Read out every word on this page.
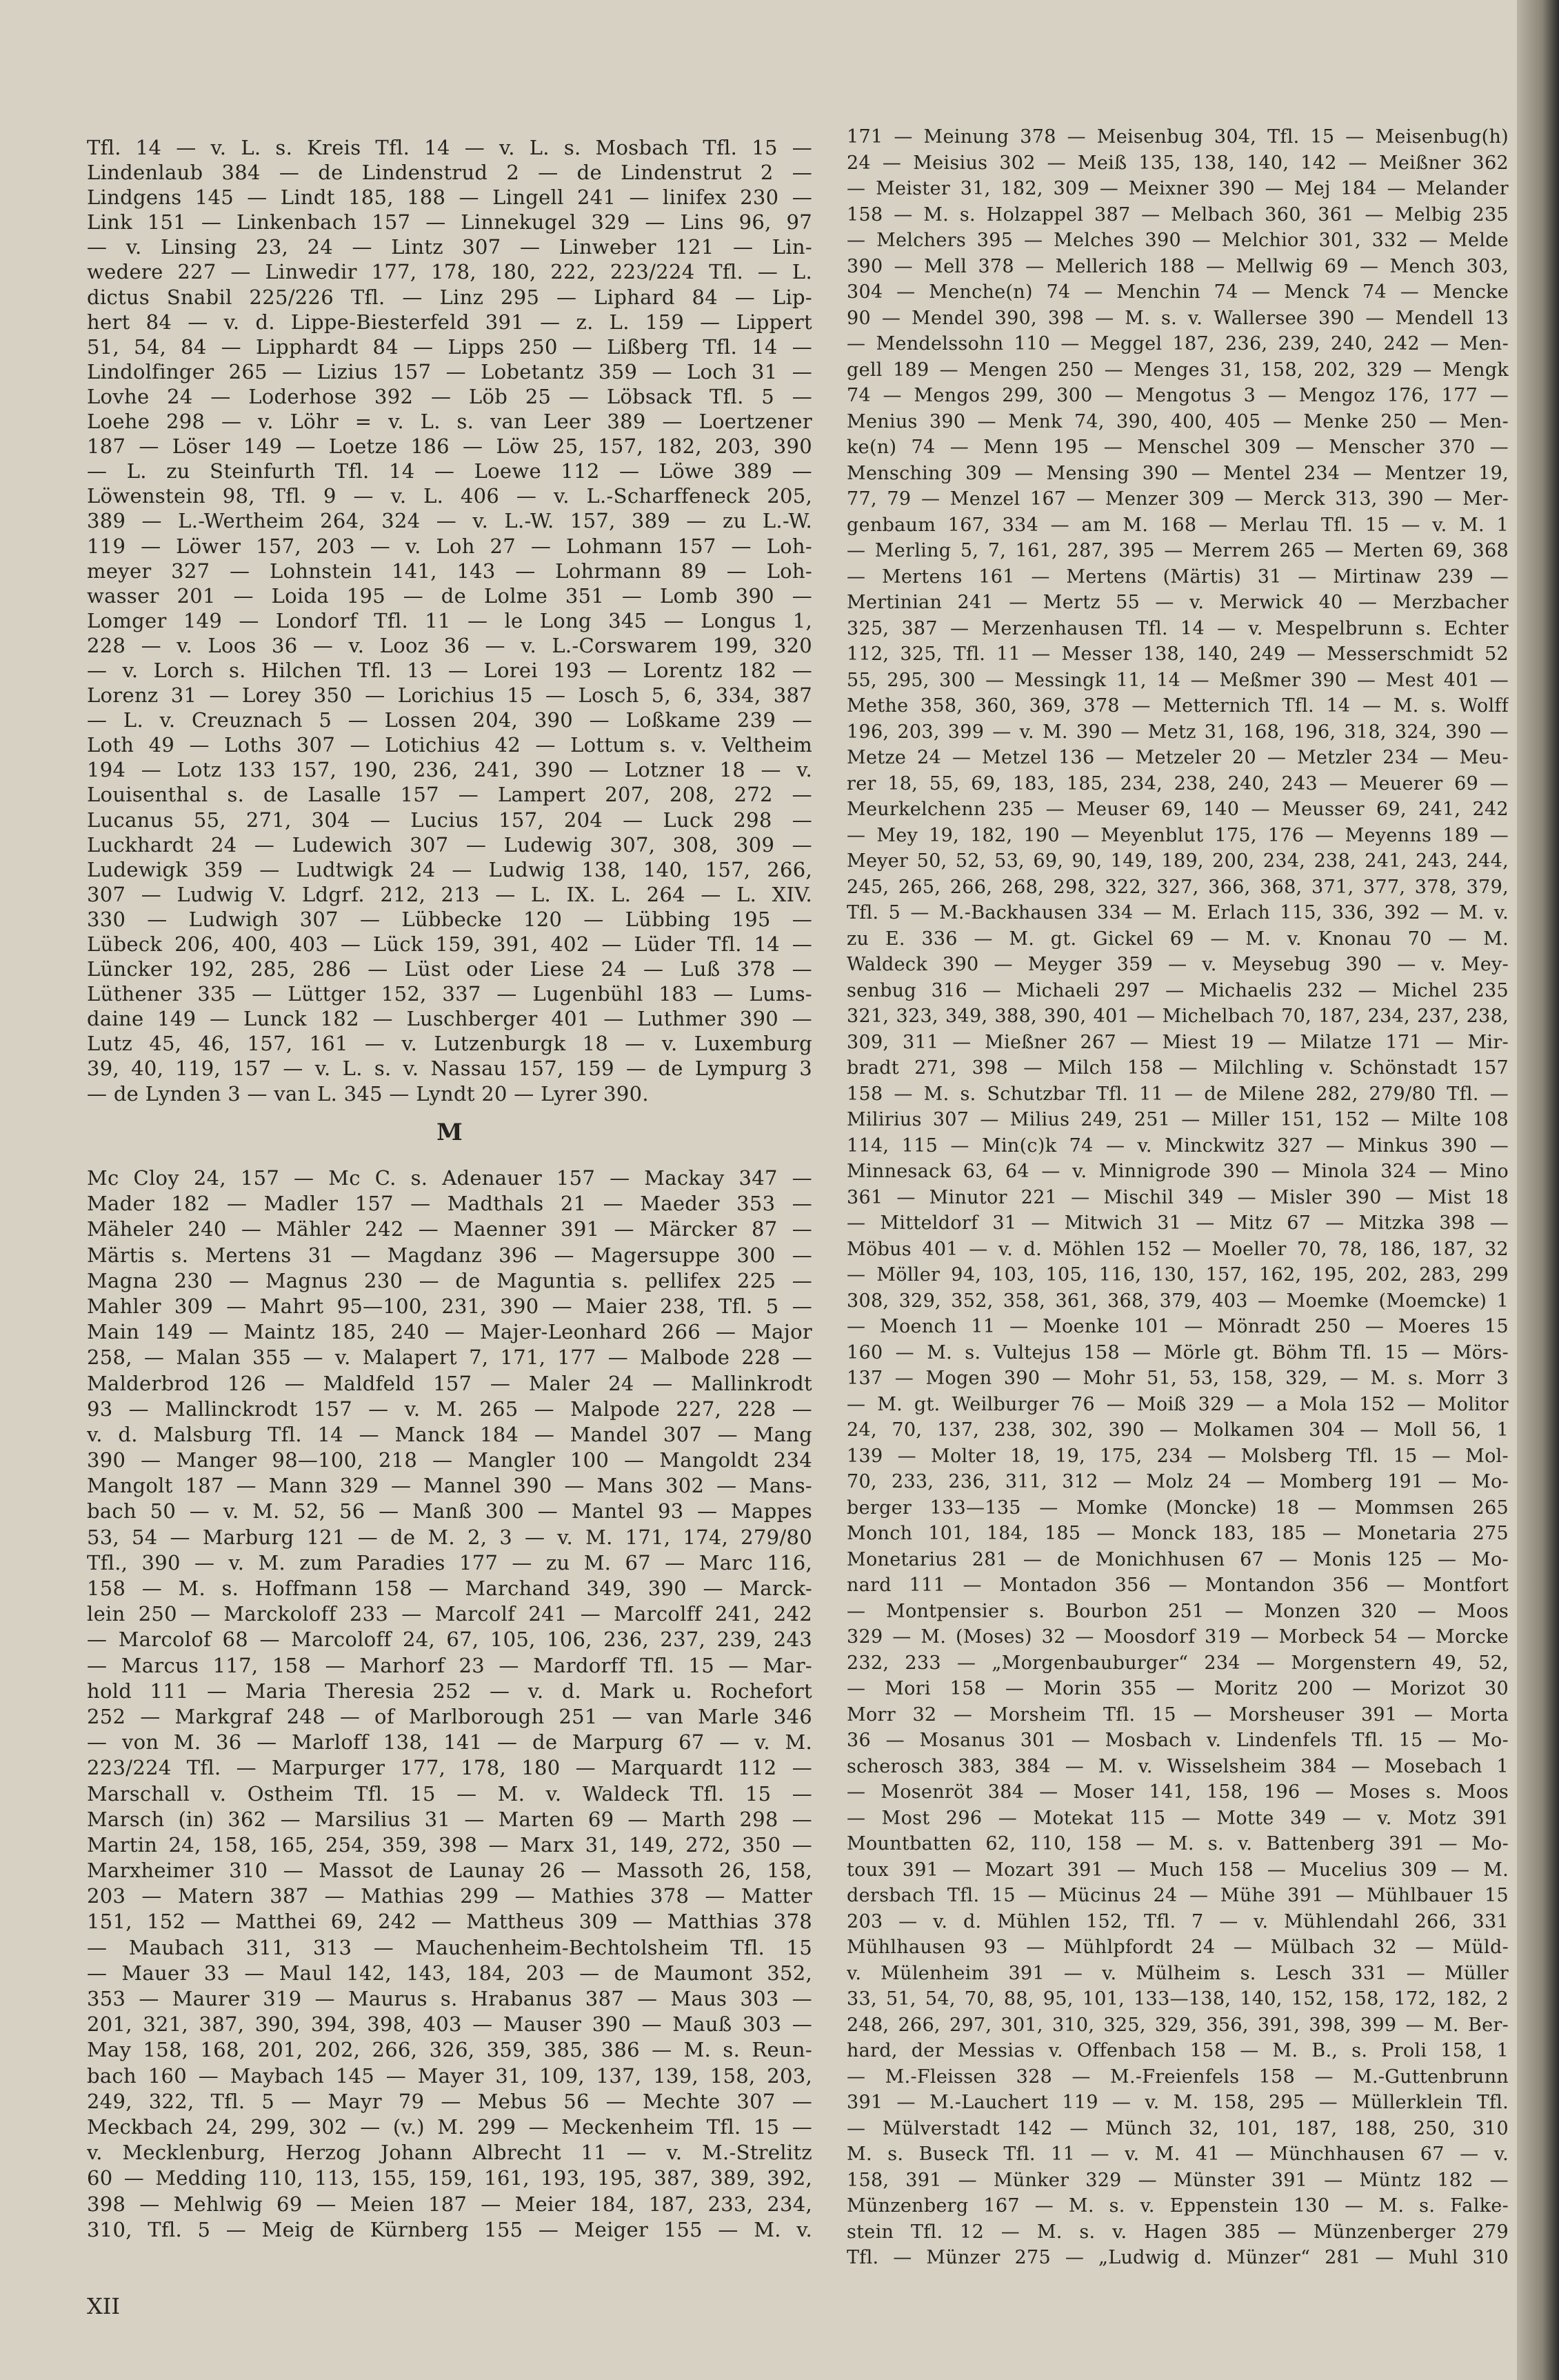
Tfl. 14 — v. L. s. Kreis Tfl. 14 — v. L. s. Mosbach Tfl. 15 —
Lindenlaub 384 — de Lindenstrud 2 — de Lindenstrut 2 —
Lindgens 145 — Lindt 185, 188 — Lingell 241 — linifex 230 —
Link 151 — Linkenbach 157 — Linnekugel 329 — Lins 96, 97
— v. Linsing 23, 24 — Lintz 307 — Linweber 121 — Lin-
wedere 227 — Linwedir 177, 178, 180, 222, 223/224 Tfl. — L.
dictus Snabil 225/226 Tfl. — Linz 295 — Liphard 84 — Lip-
hert 84 — v. d. Lippe-Biesterfeld 391 — z. L. 159 — Lippert
51, 54, 84 — Lipphardt 84 — Lipps 250 — Lißberg Tfl. 14 —
Lindolfinger 265 — Lizius 157 — Lobetantz 359 — Loch 31 —
Lovhe 24 — Loderhose 392 — Löb 25 — Löbsack Tfl. 5 —
Loehe 298 — v. Löhr = v. L. s. van Leer 389 — Loertzener
187 — Löser 149 — Loetze 186 — Löw 25, 157, 182, 203, 390
— L. zu Steinfurth Tfl. 14 — Loewe 112 — Löwe 389 —
Löwenstein 98, Tfl. 9 — v. L. 406 — v. L.-Scharffeneck 205,
389 — L.-Wertheim 264, 324 — v. L.-W. 157, 389 — zu L.-W.
119 — Löwer 157, 203 — v. Loh 27 — Lohmann 157 — Loh-
meyer 327 — Lohnstein 141, 143 — Lohrmann 89 — Loh-
wasser 201 — Loida 195 — de Lolme 351 — Lomb 390 —
Lomger 149 — Londorf Tfl. 11 — le Long 345 — Longus 1,
228 — v. Loos 36 — v. Looz 36 — v. L.-Corswarem 199, 320
— v. Lorch s. Hilchen Tfl. 13 — Lorei 193 — Lorentz 182 —
Lorenz 31 — Lorey 350 — Lorichius 15 — Losch 5, 6, 334, 387
— L. v. Creuznach 5 — Lossen 204, 390 — Loßkame 239 —
Loth 49 — Loths 307 — Lotichius 42 — Lottum s. v. Veltheim
194 — Lotz 133 157, 190, 236, 241, 390 — Lotzner 18 — v.
Louisenthal s. de Lasalle 157 — Lampert 207, 208, 272 —
Lucanus 55, 271, 304 — Lucius 157, 204 — Luck 298 —
Luckhardt 24 — Ludewich 307 — Ludewig 307, 308, 309 —
Ludewigk 359 — Ludtwigk 24 — Ludwig 138, 140, 157, 266,
307 — Ludwig V. Ldgrf. 212, 213 — L. IX. L. 264 — L. XIV.
330 — Ludwigh 307 — Lübbecke 120 — Lübbing 195 —
Lübeck 206, 400, 403 — Lück 159, 391, 402 — Lüder Tfl. 14 —
Lüncker 192, 285, 286 — Lüst oder Liese 24 — Luß 378 —
Lüthener 335 — Lüttger 152, 337 — Lugenbühl 183 — Lums-
daine 149 — Lunck 182 — Luschberger 401 — Luthmer 390 —
Lutz 45, 46, 157, 161 — v. Lutzenburgk 18 — v. Luxemburg
39, 40, 119, 157 — v. L. s. v. Nassau 157, 159 — de Lympurg 3
— de Lynden 3 — van L. 345 — Lyndt 20 — Lyrer 390.
M
Mc Cloy 24, 157 — Mc C. s. Adenauer 157 — Mackay 347 —
Mader 182 — Madler 157 — Madthals 21 — Maeder 353 —
Mäheler 240 — Mähler 242 — Maenner 391 — Märcker 87 —
Märtis s. Mertens 31 — Magdanz 396 — Magersuppe 300 —
Magna 230 — Magnus 230 — de Maguntia s. pellifex 225 —
Mahler 309 — Mahrt 95—100, 231, 390 — Maier 238, Tfl. 5 —
Main 149 — Maintz 185, 240 — Majer-Leonhard 266 — Major
258, — Malan 355 — v. Malapert 7, 171, 177 — Malbode 228 —
Malderbrod 126 — Maldfeld 157 — Maler 24 — Mallinkrodt
93 — Mallinckrodt 157 — v. M. 265 — Malpode 227, 228 —
v. d. Malsburg Tfl. 14 — Manck 184 — Mandel 307 — Mang
390 — Manger 98—100, 218 — Mangler 100 — Mangoldt 234
Mangolt 187 — Mann 329 — Mannel 390 — Mans 302 — Mans-
bach 50 — v. M. 52, 56 — Manß 300 — Mantel 93 — Mappes
53, 54 — Marburg 121 — de M. 2, 3 — v. M. 171, 174, 279/80
Tfl., 390 — v. M. zum Paradies 177 — zu M. 67 — Marc 116,
158 — M. s. Hoffmann 158 — Marchand 349, 390 — Marck-
lein 250 — Marckoloff 233 — Marcolf 241 — Marcolff 241, 242
— Marcolof 68 — Marcoloff 24, 67, 105, 106, 236, 237, 239, 243
— Marcus 117, 158 — Marhorf 23 — Mardorff Tfl. 15 — Mar-
hold 111 — Maria Theresia 252 — v. d. Mark u. Rochefort
252 — Markgraf 248 — of Marlborough 251 — van Marle 346
— von M. 36 — Marloff 138, 141 — de Marpurg 67 — v. M.
223/224 Tfl. — Marpurger 177, 178, 180 — Marquardt 112 —
Marschall v. Ostheim Tfl. 15 — M. v. Waldeck Tfl. 15 —
Marsch (in) 362 — Marsilius 31 — Marten 69 — Marth 298 —
Martin 24, 158, 165, 254, 359, 398 — Marx 31, 149, 272, 350 —
Marxheimer 310 — Massot de Launay 26 — Massoth 26, 158,
203 — Matern 387 — Mathias 299 — Mathies 378 — Matter
151, 152 — Matthei 69, 242 — Mattheus 309 — Matthias 378
— Maubach 311, 313 — Mauchenheim-Bechtolsheim Tfl. 15
— Mauer 33 — Maul 142, 143, 184, 203 — de Maumont 352,
353 — Maurer 319 — Maurus s. Hrabanus 387 — Maus 303 —
201, 321, 387, 390, 394, 398, 403 — Mauser 390 — Mauß 303 —
May 158, 168, 201, 202, 266, 326, 359, 385, 386 — M. s. Reun-
bach 160 — Maybach 145 — Mayer 31, 109, 137, 139, 158, 203,
249, 322, Tfl. 5 — Mayr 79 — Mebus 56 — Mechte 307 —
Meckbach 24, 299, 302 — (v.) M. 299 — Meckenheim Tfl. 15 —
v. Mecklenburg, Herzog Johann Albrecht 11 — v. M.-Strelitz
60 — Medding 110, 113, 155, 159, 161, 193, 195, 387, 389, 392,
398 — Mehlwig 69 — Meien 187 — Meier 184, 187, 233, 234,
310, Tfl. 5 — Meig de Kürnberg 155 — Meiger 155 — M. v.
171 — Meinung 378 — Meisenbug 304, Tfl. 15 — Meisenbug(h)
24 — Meisius 302 — Meiß 135, 138, 140, 142 — Meißner 362
— Meister 31, 182, 309 — Meixner 390 — Mej 184 — Melander
158 — M. s. Holzappel 387 — Melbach 360, 361 — Melbig 235
— Melchers 395 — Melches 390 — Melchior 301, 332 — Melde
390 — Mell 378 — Mellerich 188 — Mellwig 69 — Mench 303,
304 — Menche(n) 74 — Menchin 74 — Menck 74 — Mencke
90 — Mendel 390, 398 — M. s. v. Wallersee 390 — Mendell 13
— Mendelssohn 110 — Meggel 187, 236, 239, 240, 242 — Men-
gell 189 — Mengen 250 — Menges 31, 158, 202, 329 — Mengk
74 — Mengos 299, 300 — Mengotus 3 — Mengoz 176, 177 —
Menius 390 — Menk 74, 390, 400, 405 — Menke 250 — Men-
ke(n) 74 — Menn 195 — Menschel 309 — Menscher 370 —
Mensching 309 — Mensing 390 — Mentel 234 — Mentzer 19,
77, 79 — Menzel 167 — Menzer 309 — Merck 313, 390 — Mer-
genbaum 167, 334 — am M. 168 — Merlau Tfl. 15 — v. M. 1
— Merling 5, 7, 161, 287, 395 — Merrem 265 — Merten 69, 368
— Mertens 161 — Mertens (Märtis) 31 — Mirtinaw 239 —
Mertinian 241 — Mertz 55 — v. Merwick 40 — Merzbacher
325, 387 — Merzenhausen Tfl. 14 — v. Mespelbrunn s. Echter
112, 325, Tfl. 11 — Messer 138, 140, 249 — Messerschmidt 52
55, 295, 300 — Messingk 11, 14 — Meßmer 390 — Mest 401 —
Methe 358, 360, 369, 378 — Metternich Tfl. 14 — M. s. Wolff
196, 203, 399 — v. M. 390 — Metz 31, 168, 196, 318, 324, 390 —
Metze 24 — Metzel 136 — Metzeler 20 — Metzler 234 — Meu-
rer 18, 55, 69, 183, 185, 234, 238, 240, 243 — Meuerer 69 —
Meurkelchenn 235 — Meuser 69, 140 — Meusser 69, 241, 242
— Mey 19, 182, 190 — Meyenblut 175, 176 — Meyenns 189 —
Meyer 50, 52, 53, 69, 90, 149, 189, 200, 234, 238, 241, 243, 244,
245, 265, 266, 268, 298, 322, 327, 366, 368, 371, 377, 378, 379,
Tfl. 5 — M.-Backhausen 334 — M. Erlach 115, 336, 392 — M. v.
zu E. 336 — M. gt. Gickel 69 — M. v. Knonau 70 — M.
Waldeck 390 — Meyger 359 — v. Meysebug 390 — v. Mey-
senbug 316 — Michaeli 297 — Michaelis 232 — Michel 235
321, 323, 349, 388, 390, 401 — Michelbach 70, 187, 234, 237, 238,
309, 311 — Mießner 267 — Miest 19 — Milatze 171 — Mir-
bradt 271, 398 — Milch 158 — Milchling v. Schönstadt 157
158 — M. s. Schutzbar Tfl. 11 — de Milene 282, 279/80 Tfl. —
Milirius 307 — Milius 249, 251 — Miller 151, 152 — Milte 108
114, 115 — Min(c)k 74 — v. Minckwitz 327 — Minkus 390 —
Minnesack 63, 64 — v. Minnigrode 390 — Minola 324 — Mino
361 — Minutor 221 — Mischil 349 — Misler 390 — Mist 18
— Mitteldorf 31 — Mitwich 31 — Mitz 67 — Mitzka 398 —
Möbus 401 — v. d. Möhlen 152 — Moeller 70, 78, 186, 187, 32
— Möller 94, 103, 105, 116, 130, 157, 162, 195, 202, 283, 299
308, 329, 352, 358, 361, 368, 379, 403 — Moemke (Moemcke) 1
— Moench 11 — Moenke 101 — Mönradt 250 — Moeres 15
160 — M. s. Vultejus 158 — Mörle gt. Böhm Tfl. 15 — Mörs-
137 — Mogen 390 — Mohr 51, 53, 158, 329, — M. s. Morr 3
— M. gt. Weilburger 76 — Moiß 329 — a Mola 152 — Molitor
24, 70, 137, 238, 302, 390 — Molkamen 304 — Moll 56, 1
139 — Molter 18, 19, 175, 234 — Molsberg Tfl. 15 — Mol-
70, 233, 236, 311, 312 — Molz 24 — Momberg 191 — Mo-
berger 133—135 — Momke (Moncke) 18 — Mommsen 265
Monch 101, 184, 185 — Monck 183, 185 — Monetaria 275
Monetarius 281 — de Monichhusen 67 — Monis 125 — Mo-
nard 111 — Montadon 356 — Montandon 356 — Montfort
— Montpensier s. Bourbon 251 — Monzen 320 — Moos
329 — M. (Moses) 32 — Moosdorf 319 — Morbeck 54 — Morcke
232, 233 — „Morgenbauburger“ 234 — Morgenstern 49, 52,
— Mori 158 — Morin 355 — Moritz 200 — Morizot 30
Morr 32 — Morsheim Tfl. 15 — Morsheuser 391 — Morta
36 — Mosanus 301 — Mosbach v. Lindenfels Tfl. 15 — Mo-
scherosch 383, 384 — M. v. Wisselsheim 384 — Mosebach 1
— Mosenröt 384 — Moser 141, 158, 196 — Moses s. Moos
— Most 296 — Motekat 115 — Motte 349 — v. Motz 391
Mountbatten 62, 110, 158 — M. s. v. Battenberg 391 — Mo-
toux 391 — Mozart 391 — Much 158 — Mucelius 309 — M.
dersbach Tfl. 15 — Mücinus 24 — Mühe 391 — Mühlbauer 15
203 — v. d. Mühlen 152, Tfl. 7 — v. Mühlendahl 266, 331
Mühlhausen 93 — Mühlpfordt 24 — Mülbach 32 — Müld-
v. Mülenheim 391 — v. Mülheim s. Lesch 331 — Müller
33, 51, 54, 70, 88, 95, 101, 133—138, 140, 152, 158, 172, 182, 2
248, 266, 297, 301, 310, 325, 329, 356, 391, 398, 399 — M. Ber-
hard, der Messias v. Offenbach 158 — M. B., s. Proli 158, 1
— M.-Fleissen 328 — M.-Freienfels 158 — M.-Guttenbrunn
391 — M.-Lauchert 119 — v. M. 158, 295 — Müllerklein Tfl.
— Mülverstadt 142 — Münch 32, 101, 187, 188, 250, 310
M. s. Buseck Tfl. 11 — v. M. 41 — Münchhausen 67 — v.
158, 391 — Münker 329 — Münster 391 — Müntz 182 —
Münzenberg 167 — M. s. v. Eppenstein 130 — M. s. Falke-
stein Tfl. 12 — M. s. v. Hagen 385 — Münzenberger 279
Tfl. — Münzer 275 — „Ludwig d. Münzer“ 281 — Muhl 310
XII
